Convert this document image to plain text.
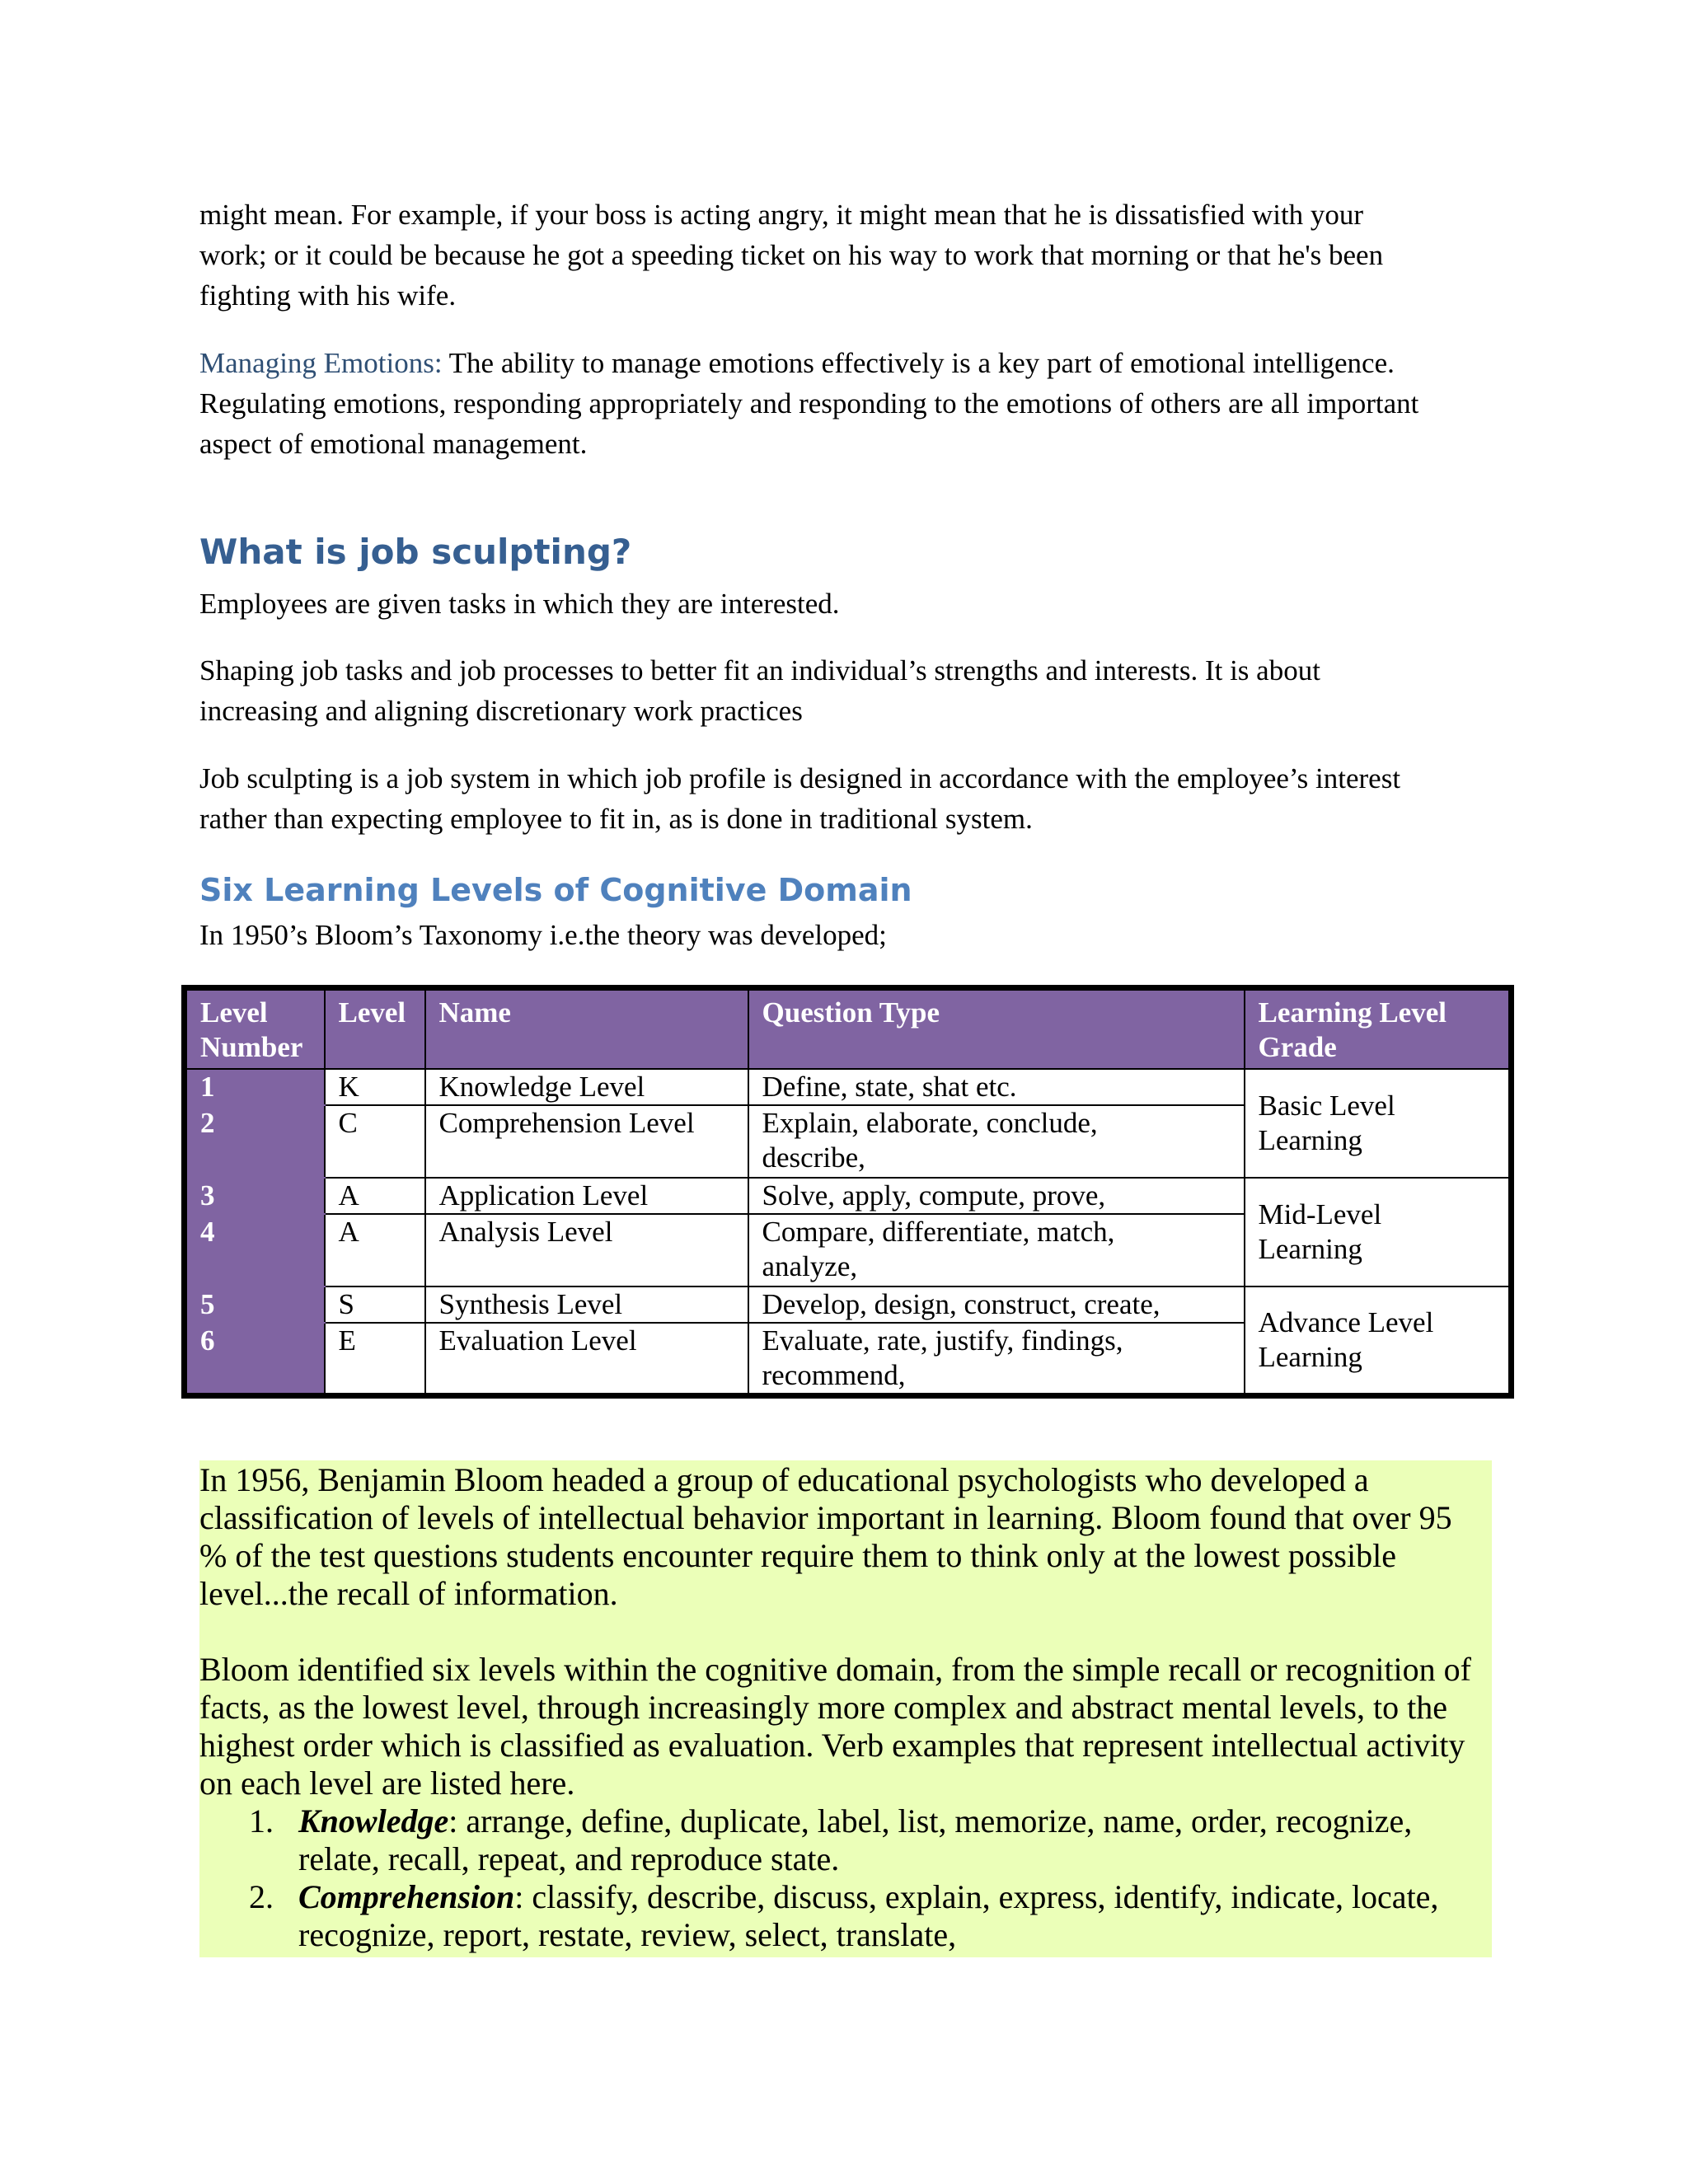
might mean. For example, if your boss is acting angry, it might mean that he is dissatisfied with your
work; or it could be because he got a speeding ticket on his way to work that morning or that he's been
fighting with his wife.

Managing Emotions: The ability to manage emotions effectively is a key part of emotional intelligence.
Regulating emotions, responding appropriately and responding to the emotions of others are all important
aspect of emotional management.

What is job sculpting?

Employees are given tasks in which they are interested.

Shaping job tasks and job processes to better fit an individual’s strengths and interests. It is about
increasing and aligning discretionary work practices

Job sculpting is a job system in which job profile is designed in accordance with the employee’s interest
rather than expecting employee to fit in, as is done in traditional system.

Six Learning Levels of Cognitive Domain

In 1950’s Bloom’s Taxonomy i.e.the theory was developed;

Level
Number	Level	Name	Question Type	Learning Level
Grade
1	K	Knowledge Level	Define, state, shat etc.	Basic Level
Learning
2	C	Comprehension Level	Explain, elaborate, conclude,
describe,	
3	A	Application Level	Solve, apply, compute, prove,	Mid-Level
Learning
4	A	Analysis Level	Compare, differentiate, match,
analyze,	
5	S	Synthesis Level	Develop, design, construct, create,	Advance Level
Learning
6	E	Evaluation Level	Evaluate, rate, justify, findings,
recommend,	

In 1956, Benjamin Bloom headed a group of educational psychologists who developed a
classification of levels of intellectual behavior important in learning. Bloom found that over 95
% of the test questions students encounter require them to think only at the lowest possible
level...the recall of information.

Bloom identified six levels within the cognitive domain, from the simple recall or recognition of
facts, as the lowest level, through increasingly more complex and abstract mental levels, to the
highest order which is classified as evaluation. Verb examples that represent intellectual activity
on each level are listed here.

1. Knowledge: arrange, define, duplicate, label, list, memorize, name, order, recognize,
relate, recall, repeat, and reproduce state.
2. Comprehension: classify, describe, discuss, explain, express, identify, indicate, locate,
recognize, report, restate, review, select, translate,
